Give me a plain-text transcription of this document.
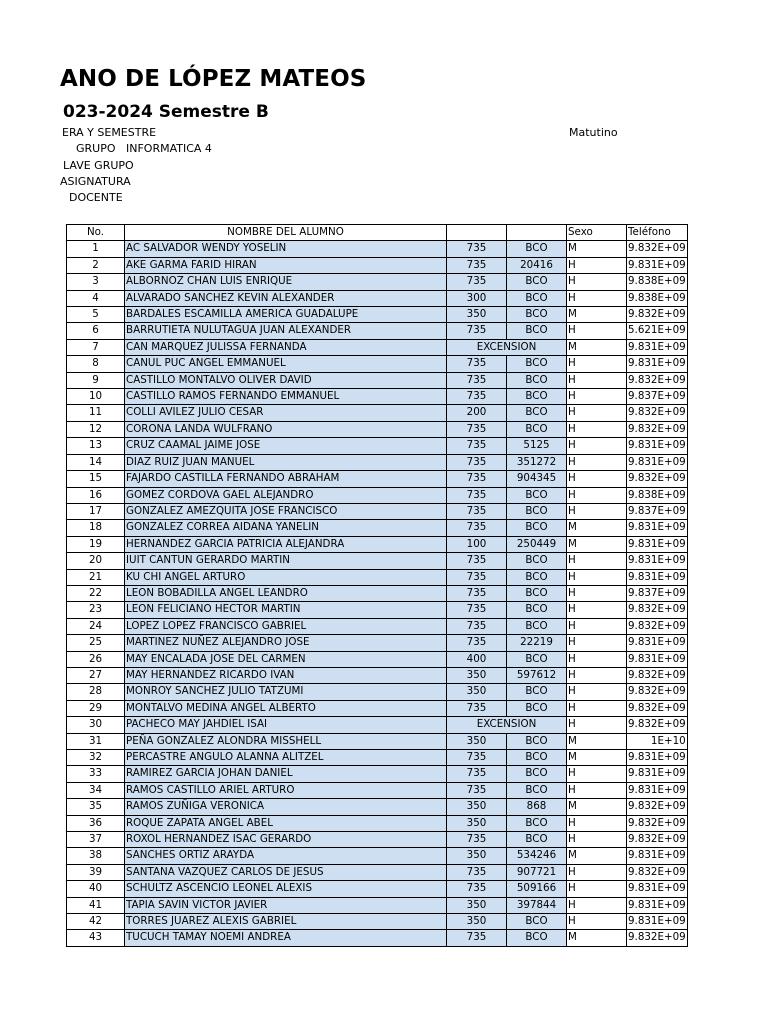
ANO DE LÓPEZ MATEOS
023-2024 Semestre B
ERA Y SEMESTRE	Matutino
GRUPO INFORMATICA 4
LAVE GRUPO
ASIGNATURA
DOCENTE
No.	NOMBRE DEL ALUMNO			Sexo	Teléfono
1	AC SALVADOR WENDY YOSELIN	735	BCO	M	9.832E+09
2	AKE GARMA FARID HIRAN	735	20416	H	9.831E+09
3	ALBORNOZ CHAN LUIS ENRIQUE	735	BCO	H	9.838E+09
4	ALVARADO SANCHEZ KEVIN ALEXANDER	300	BCO	H	9.838E+09
5	BARDALES ESCAMILLA AMERICA GUADALUPE	350	BCO	M	9.832E+09
6	BARRUTIETA NULUTAGUA JUAN ALEXANDER	735	BCO	H	5.621E+09
7	CAN MARQUEZ JULISSA FERNANDA	EXCENSION		M	9.831E+09
8	CANUL PUC ANGEL EMMANUEL	735	BCO	H	9.831E+09
9	CASTILLO MONTALVO OLIVER DAVID	735	BCO	H	9.832E+09
10	CASTILLO RAMOS FERNANDO EMMANUEL	735	BCO	H	9.837E+09
11	COLLI AVILEZ JULIO CESAR	200	BCO	H	9.832E+09
12	CORONA LANDA WULFRANO	735	BCO	H	9.832E+09
13	CRUZ CAAMAL JAIME JOSE	735	5125	H	9.831E+09
14	DIAZ RUIZ JUAN MANUEL	735	351272	H	9.831E+09
15	FAJARDO CASTILLA FERNANDO ABRAHAM	735	904345	H	9.832E+09
16	GOMEZ CORDOVA GAEL ALEJANDRO	735	BCO	H	9.838E+09
17	GONZALEZ AMEZQUITA JOSE FRANCISCO	735	BCO	H	9.837E+09
18	GONZALEZ CORREA AIDANA YANELIN	735	BCO	M	9.831E+09
19	HERNANDEZ GARCIA PATRICIA ALEJANDRA	100	250449	M	9.831E+09
20	IUIT CANTUN GERARDO MARTIN	735	BCO	H	9.831E+09
21	KU CHI ANGEL ARTURO	735	BCO	H	9.831E+09
22	LEON BOBADILLA ANGEL LEANDRO	735	BCO	H	9.837E+09
23	LEON FELICIANO HECTOR MARTIN	735	BCO	H	9.832E+09
24	LOPEZ LOPEZ FRANCISCO GABRIEL	735	BCO	H	9.832E+09
25	MARTINEZ NUÑEZ ALEJANDRO JOSE	735	22219	H	9.831E+09
26	MAY ENCALADA JOSE DEL CARMEN	400	BCO	H	9.831E+09
27	MAY HERNANDEZ RICARDO IVAN	350	597612	H	9.832E+09
28	MONROY SANCHEZ JULIO TATZUMI	350	BCO	H	9.832E+09
29	MONTALVO MEDINA ANGEL ALBERTO	735	BCO	H	9.832E+09
30	PACHECO MAY JAHDIEL ISAI	EXCENSION		H	9.832E+09
31	PEÑA GONZALEZ ALONDRA MISSHELL	350	BCO	M	1E+10
32	PERCASTRE ANGULO ALANNA ALITZEL	735	BCO	M	9.831E+09
33	RAMIREZ GARCIA JOHAN DANIEL	735	BCO	H	9.831E+09
34	RAMOS CASTILLO ARIEL ARTURO	735	BCO	H	9.831E+09
35	RAMOS ZUÑIGA VERONICA	350	868	M	9.832E+09
36	ROQUE ZAPATA ANGEL ABEL	350	BCO	H	9.832E+09
37	ROXOL HERNANDEZ ISAC GERARDO	735	BCO	H	9.832E+09
38	SANCHES ORTIZ ARAYDA	350	534246	M	9.831E+09
39	SANTANA VAZQUEZ CARLOS DE JESUS	735	907721	H	9.832E+09
40	SCHULTZ ASCENCIO LEONEL ALEXIS	735	509166	H	9.831E+09
41	TAPIA SAVIN VICTOR JAVIER	350	397844	H	9.831E+09
42	TORRES JUAREZ ALEXIS GABRIEL	350	BCO	H	9.831E+09
43	TUCUCH TAMAY NOEMI ANDREA	735	BCO	M	9.832E+09
